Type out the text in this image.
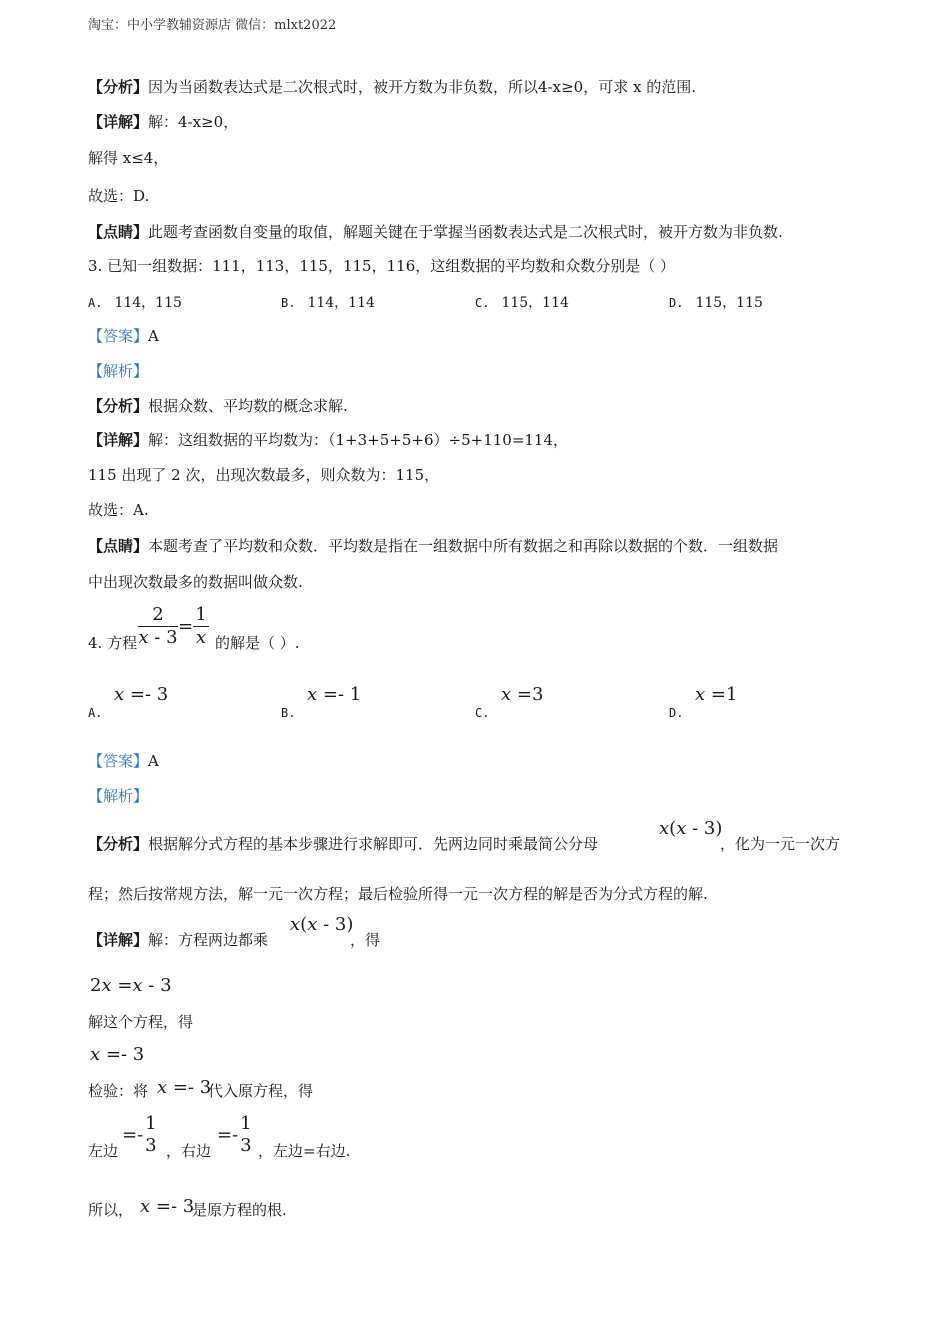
淘宝：中小学教辅资源店 微信：mlxt2022
【分析】因为当函数表达式是二次根式时，被开方数为非负数，所以4-x≥0，可求 x 的范围.
【详解】解：4-x≥0，
解得 x≤4，
故选：D.
【点睛】此题考查函数自变量的取值，解题关键在于掌握当函数表达式是二次根式时，被开方数为非负数.
3. 已知一组数据：111，113，115，115，116，这组数据的平均数和众数分别是（ ）
A. 114，115	B. 114，114	C. 115，114	D. 115，115
【答案】A
【解析】
【分析】根据众数、平均数的概念求解.
【详解】解：这组数据的平均数为：（1+3+5+5+6）÷5+110=114，
115 出现了 2 次，出现次数最多，则众数为：115，
故选：A.
【点睛】本题考查了平均数和众数．平均数是指在一组数据中所有数据之和再除以数据的个数．一组数据
中出现次数最多的数据叫做众数.
4. 方程 $\frac{2}{x - 3} = \frac{1}{x}$ 的解是（ ）.
A.
x =- 3
B.
x =- 1
C.
x =3
D.
x =1
【答案】A
【解析】
【分析】根据解分式方程的基本步骤进行求解即可．先两边同时乘最简公分母
x(x - 3)
，化为一元一次方
程；然后按常规方法，解一元一次方程；最后检验所得一元一次方程的解是否为分式方程的解.
【详解】解：方程两边都乘
x(x - 3)
，得
2x =x - 3
解这个方程，得
x =- 3
检验：将 x =- 3
代入原方程，得
左边
=-
1
3 ，右边
=-
1
3 ，左边=右边.
所以， x =- 3
是原方程的根.
